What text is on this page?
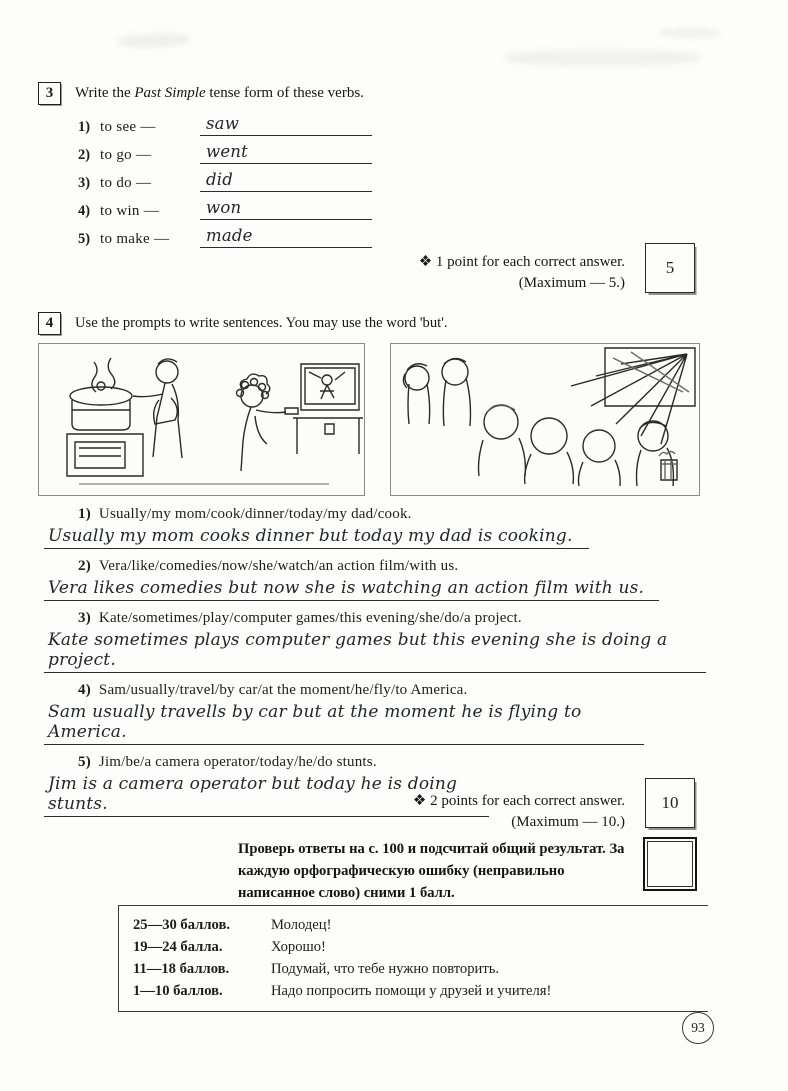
3 Write the Past Simple tense form of these verbs.
1) to see —	saw
2) to go —	went
3) to do —	did
4) to win —	won
5) to make —	made
❖ 1 point for each correct answer.
(Maximum — 5.)
5
4 Use the prompts to write sentences. You may use the word 'but'.
1) Usually/my mom/cook/dinner/today/my dad/cook.
Usually my mom cooks dinner but today my dad is cooking.
2) Vera/like/comedies/now/she/watch/an action film/with us.
Vera likes comedies but now she is watching an action film with us.
3) Kate/sometimes/play/computer games/this evening/she/do/a project.
Kate sometimes plays computer games but this evening she is doing a project.
4) Sam/usually/travel/by car/at the moment/he/fly/to America.
Sam usually travells by car but at the moment he is flying to America.
5) Jim/be/a camera operator/today/he/do stunts.
Jim is a camera operator but today he is doing stunts.	❖ 2 points for each correct answer.
(Maximum — 10.)
10
Проверь ответы на с. 100 и подсчитай общий результат. За каждую орфографическую ошибку (неправильно написанное слово) сними 1 балл.
25—30 баллов.	Молодец!
19—24 балла.	Хорошо!
11—18 баллов.	Подумай, что тебе нужно повторить.
1—10 баллов.	Надо попросить помощи у друзей и учителя!
93
